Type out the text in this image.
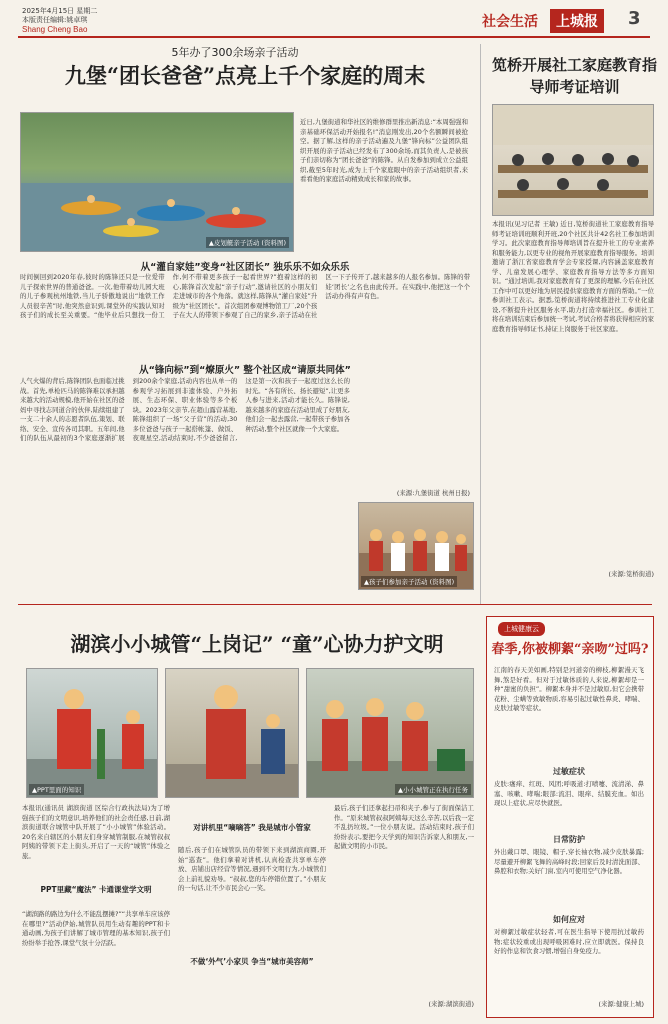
2025年4月15日 星期二
本版责任编辑:姚卓琪
Shang Cheng Bao	社会生活	上城报	3
5年办了300余场亲子活动
九堡“团长爸爸”点亮上千个家庭的周末
▲皮划艇亲子活动 (资料图)
近日,九堡街道和华社区的维修群里推出新消息:“本周强强和亲基础环保活动开始报名!”消息刚发出,20个名额瞬间被抢空。据了解,这样的亲子活动遍及九堡“锋向标”公益团队组织开展的亲子活动已经发布了300余场,而其负责人,是被孩子们亲切称为“团长爸爸”的陈锋。从自发参加到成立公益组织,截至5年时光,成为上千个家庭眼中的亲子活动组织者,来看看他的家庭活动精致成长和家的故事。
从“灌自家娃”变身“社区团长” 独乐乐不如众乐乐
时间倒回到2020年春,彼时的陈锋还只是一位爱带儿子探索世界的普通爸爸。一次,他带着幼儿园大班的儿子参观杭州地铁,当儿子骄傲地说出“地铁工作人员很辛苦”时,他突然意识到,课堂外的实践认知对孩子们的成长至关重要。“他毕业后只想找一份工作,何不带着更多孩子一起看世界?”抱着这样的初心,陈锋首次发起“亲子行动”,邀请社区的小朋友们走进城市的各个角落。就这样,陈锋从“灌自家娃”升级为“社区团长”。首次组团参观博物馆工厂,20个孩子在大人的带领下参观了自己的家乡,亲子活动在社区一下子传开了,越来越多的人报名参加。陈锋的带娃‘团长’之名也由此传开。在实践中,他把这一个个活动办得有声有色。
从“锋向标”到“燎原火” 整个社区成“请原共同体”
人气火爆的背后,陈锋团队也面临过挑战。首先,单枪匹马的陈锋难以承担越来越大的活动规模,他开始在社区的爸妈中寻找志同道合的伙伴,陆续组建了一支二十余人的志愿者队伍,策划、联络、安全、宣传各司其职。五年间,他们的队伍从最初的3个家庭逐渐扩展到200余个家庭,活动内容也从单一的参观学习拓展到非遗体验、户外拓展、生态环保、职业体验等多个板块。2023年父亲节,在超山露营基地,陈锋组织了一场“父子营”的活动,30多位爸爸与孩子一起搭帐篷、做饭、夜观星空,活动结束时,不少爸爸留言,这是第一次和孩子一起度过这么长的时光。“各有所长、扬长避短”,让更多人参与进来,活动才能长久。陈锋说,越来越多的家庭在活动里成了好朋友,他们会一起去露营,一起带孩子参加各种活动,整个社区就像一个大家庭。
(来源:九堡街道 杭州日报)
▲孩子们参加亲子活动 (资料图)
笕桥开展社工家庭教育指导师考证培训
本报讯(见习记者 王敏) 近日,笕桥街道社工家庭教育指导师考证培训班顺利开班,20个社区共计42名社工参加培训学习。此次家庭教育指导师培训旨在提升社工的专业素养和服务能力,以更专业的视角开展家庭教育指导服务。培训邀请了浙江省家庭教育学会专家授课,内容涵盖家庭教育学、儿童发展心理学、家庭教育指导方法等多方面知识。“通过培训,我对家庭教育有了更深的理解,今后在社区工作中可以更好地为居民提供家庭教育方面的帮助。”一位参训社工表示。据悉,笕桥街道将持续推进社工专业化建设,不断提升社区服务水平,助力打造幸福社区。参训社工将在培训结束后参加统一考试,考试合格者将获得相应的家庭教育指导师证书,持证上岗服务于社区家庭。
(来源:笕桥街道)
湖滨小小城管“上岗记” “童”心协力护文明
▲PPT里面的知识	▲小小城管正在执行任务
本报讯(通讯员 湖滨街道 区综合行政执法局)为了增强孩子们的文明意识,培养他们的社会责任感,日前,湖滨街道联合城管中队开展了“小小城管”体验活动。20名来自辖区的小朋友们身穿城管制服,在城管叔叔阿姨的带领下走上街头,开启了一天的“城管”体验之旅。
PPT里藏“魔法” 卡通课堂学文明
“湖滨路的路边为什么不能乱摆摊?”“共享单车应该停在哪里?”活动伊始,城管队员用生动有趣的PPT和卡通动画,为孩子们讲解了城市管理的基本知识,孩子们纷纷举手抢答,课堂气氛十分活跃。
对讲机里“嘀嘀答” 我是城市小管家
随后,孩子们在城管队员的带领下来到湖滨商圈,开始“巡查”。他们拿着对讲机,认真检查共享单车停放、店铺出店经营等情况,遇到不文明行为,小城管们会上前礼貌劝导。“叔叔,您的车停错位置了。”小朋友的一句话,让不少市民会心一笑。
不做‘外气’小家贝 争当“城市美容师”
最后,孩子们还拿起扫帚和夹子,参与了街面保洁工作。“原来城管叔叔阿姨每天这么辛苦,以后我一定不乱扔垃圾。”一位小朋友说。活动结束时,孩子们纷纷表示,要把今天学到的知识告诉家人和朋友,一起做文明的小市民。
(来源:湖滨街道)
上城健康云
春季,你被柳絮“亲吻”过吗?
江南的春天美如画,特别是河道旁的柳枝,柳絮漫天飞舞,煞是好看。但对于过敏体质的人来说,柳絮却是一种“甜蜜的负担”。柳絮本身并不是过敏原,但它会携带花粉、尘螨等致敏物质,容易引起过敏性鼻炎、哮喘、皮肤过敏等症状。
过敏症状
皮肤:瘙痒、红斑、风团;呼吸道:打喷嚏、流清涕、鼻塞、咳嗽、哮喘;眼部:流泪、眼痒、结膜充血。如出现以上症状,应尽快就医。
日常防护
外出戴口罩、眼镜、帽子,穿长袖衣物,减少皮肤暴露;尽量避开柳絮飞舞的高峰时段;回家后及时清洗面部、鼻腔和衣物;关好门窗,室内可使用空气净化器。
如何应对
对柳絮过敏症状轻者,可在医生指导下使用抗过敏药物;症状较重或出现呼吸困难时,应立即就医。保持良好的作息和饮食习惯,增强自身免疫力。
(来源:健康上城)
